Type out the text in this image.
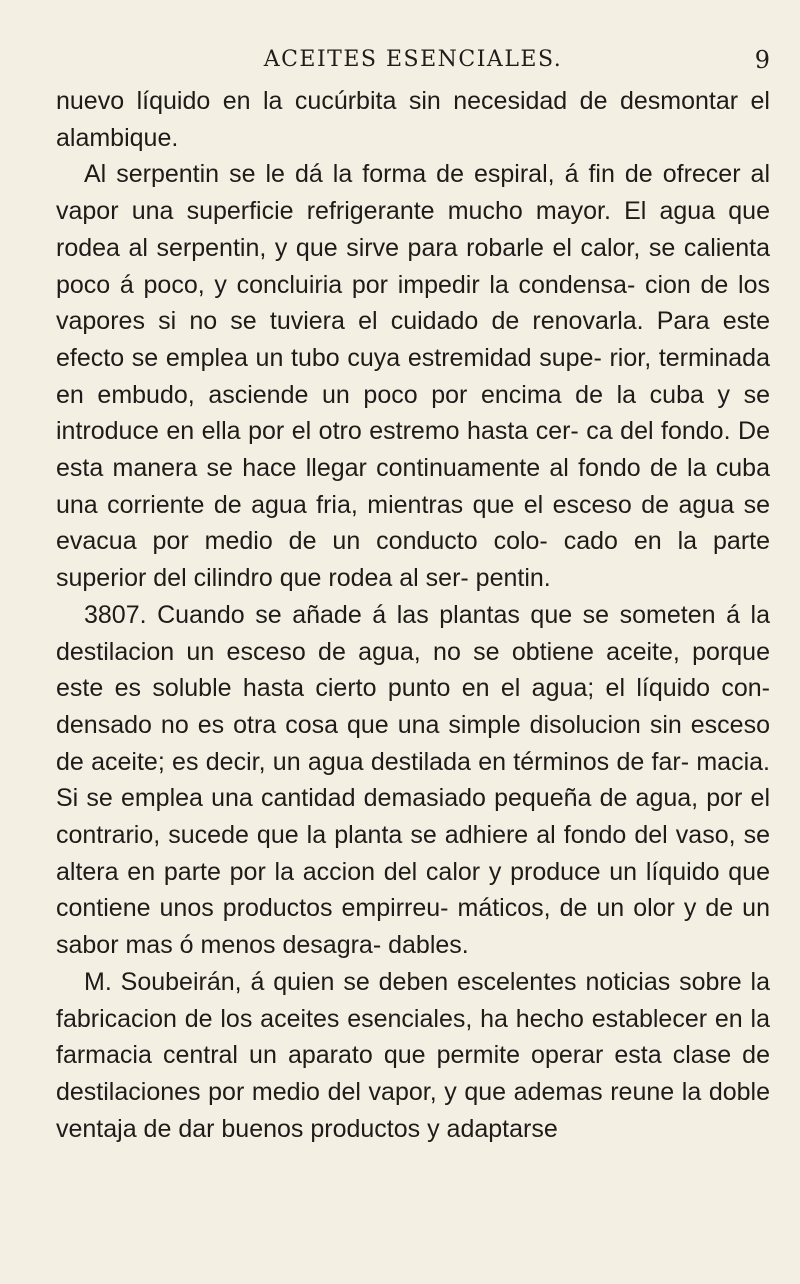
ACEITES ESENCIALES.	9

nuevo líquido en la cucúrbita sin necesidad de desmontar el alambique.

Al serpentin se le dá la forma de espiral, á fin de ofrecer al vapor una superficie refrigerante mucho mayor. El agua que rodea al serpentin, y que sirve para robarle el calor, se calienta poco á poco, y concluiria por impedir la condensa- cion de los vapores si no se tuviera el cuidado de renovarla. Para este efecto se emplea un tubo cuya estremidad supe- rior, terminada en embudo, asciende un poco por encima de la cuba y se introduce en ella por el otro estremo hasta cer- ca del fondo. De esta manera se hace llegar continuamente al fondo de la cuba una corriente de agua fria, mientras que el esceso de agua se evacua por medio de un conducto colo- cado en la parte superior del cilindro que rodea al ser- pentin.

3807. Cuando se añade á las plantas que se someten á la destilacion un esceso de agua, no se obtiene aceite, porque este es soluble hasta cierto punto en el agua; el líquido con- densado no es otra cosa que una simple disolucion sin esceso de aceite; es decir, un agua destilada en términos de far- macia. Si se emplea una cantidad demasiado pequeña de agua, por el contrario, sucede que la planta se adhiere al fondo del vaso, se altera en parte por la accion del calor y produce un líquido que contiene unos productos empirreu- máticos, de un olor y de un sabor mas ó menos desagra- dables.

M. Soubeirán, á quien se deben escelentes noticias sobre la fabricacion de los aceites esenciales, ha hecho establecer en la farmacia central un aparato que permite operar esta clase de destilaciones por medio del vapor, y que ademas reune la doble ventaja de dar buenos productos y adaptarse
